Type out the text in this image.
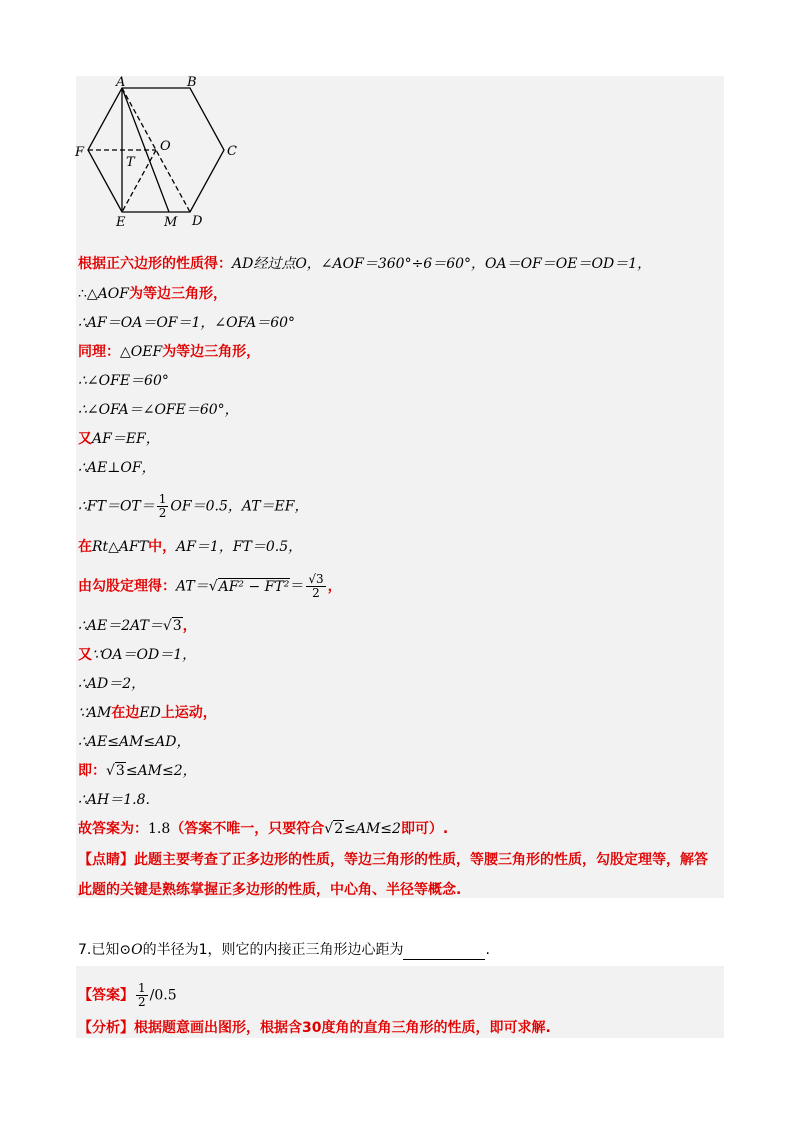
A	B
C
D
E
F	O
T
M
根据正六边形的性质得：AD经过点O，∠AOF＝360°÷6＝60°，OA＝OF＝OE＝OD＝1，
∴△AOF为等边三角形，
∴AF＝OA＝OF＝1，∠OFA＝60°
同理：△OEF为等边三角形，
∴∠OFE＝60°
∴∠OFA＝∠OFE＝60°，
又AF＝EF，
∴AE⊥OF，
∴FT＝OT＝ $\frac{1}{2} OF=0.5$，AT＝EF，
在Rt△AFT中，AF＝1，FT＝0.5，
由勾股定理得：$AT=√AF^2 - FT^2= \frac{√3}{2}$ ，
∴AE＝2AT＝√3，
又∵OA＝OD＝1，
∴AD＝2，
∵AM在边ED上运动，
∴AE≤AM≤AD，
即：√3≤AM≤2，
∴AH＝1.8.
故答案为：1.8（答案不唯一，只要符合√2≤AM≤2即可）.
【点睛】此题主要考查了正多边形的性质，等边三角形的性质，等腰三角形的性质，勾股定理等，解答
此题的关键是熟练掌握正多边形的性质，中心角、半径等概念.
7.已知⊙O的半径为1，则它的内接正三角形边心距为	.
【答案】 $\frac{1}{2} /0.5$
【分析】根据题意画出图形，根据含30度角的直角三角形的性质，即可求解.
